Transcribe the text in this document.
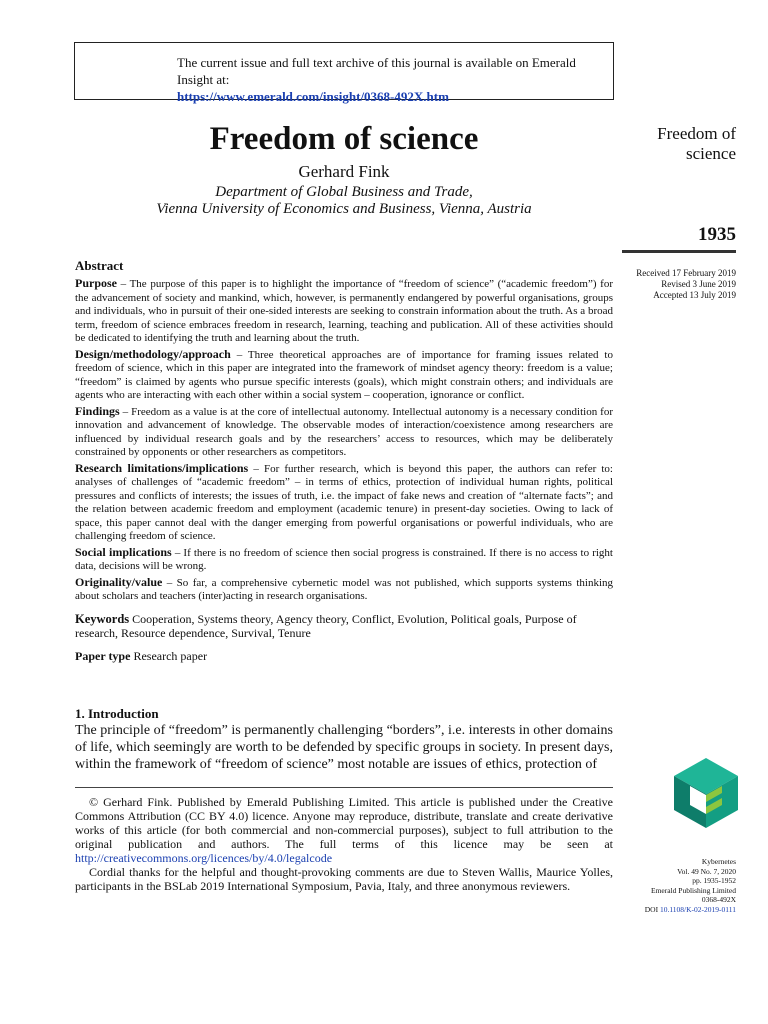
The current issue and full text archive of this journal is available on Emerald Insight at:
https://www.emerald.com/insight/0368-492X.htm
Freedom of science
Gerhard Fink
Department of Global Business and Trade,
Vienna University of Economics and Business, Vienna, Austria
Freedom of
science
1935
Received 17 February 2019
Revised 3 June 2019
Accepted 13 July 2019
Abstract

Purpose – The purpose of this paper is to highlight the importance of “freedom of science” (“academic freedom”) for the advancement of society and mankind, which, however, is permanently endangered by powerful organisations, groups and individuals, who in pursuit of their one-sided interests are seeking to constrain information about the truth. As a broad term, freedom of science embraces freedom in research, learning, teaching and publication. All of these activities should be dedicated to identifying the truth and learning about the truth.

Design/methodology/approach – Three theoretical approaches are of importance for framing issues related to freedom of science, which in this paper are integrated into the framework of mindset agency theory: freedom is a value; “freedom” is claimed by agents who pursue specific interests (goals), which might constrain others; and individuals are agents who are interacting with each other within a social system – cooperation, ignorance or conflict.

Findings – Freedom as a value is at the core of intellectual autonomy. Intellectual autonomy is a necessary condition for innovation and advancement of knowledge. The observable modes of interaction/coexistence among researchers are influenced by individual research goals and by the researchers’ access to resources, which may be deliberately constrained by opponents or other researchers as competitors.

Research limitations/implications – For further research, which is beyond this paper, the authors can refer to: analyses of challenges of “academic freedom” – in terms of ethics, protection of individual human rights, political pressures and conflicts of interests; the issues of truth, i.e. the impact of fake news and creation of “alternate facts”; and the relation between academic freedom and employment (academic tenure) in present-day societies. Owing to lack of space, this paper cannot deal with the danger emerging from powerful organisations or powerful individuals, who are challenging freedom of science.

Social implications – If there is no freedom of science then social progress is constrained. If there is no access to right data, decisions will be wrong.

Originality/value – So far, a comprehensive cybernetic model was not published, which supports systems thinking about scholars and teachers (inter)acting in research organisations.

Keywords Cooperation, Systems theory, Agency theory, Conflict, Evolution, Political goals, Purpose of research, Resource dependence, Survival, Tenure

Paper type Research paper

1. Introduction

The principle of “freedom” is permanently challenging “borders”, i.e. interests in other domains of life, which seemingly are worth to be defended by specific groups in society. In present days, within the framework of “freedom of science” most notable are issues of ethics, protection of

© Gerhard Fink. Published by Emerald Publishing Limited. This article is published under the Creative Commons Attribution (CC BY 4.0) licence. Anyone may reproduce, distribute, translate and create derivative works of this article (for both commercial and non-commercial purposes), subject to full attribution to the original publication and authors. The full terms of this licence may be seen at http://creativecommons.org/licences/by/4.0/legalcode

Cordial thanks for the helpful and thought-provoking comments are due to Steven Wallis, Maurice Yolles, participants in the BSLab 2019 International Symposium, Pavia, Italy, and three anonymous reviewers.

Kybernetes
Vol. 49 No. 7, 2020
pp. 1935-1952
Emerald Publishing Limited
0368-492X
DOI 10.1108/K-02-2019-0111
